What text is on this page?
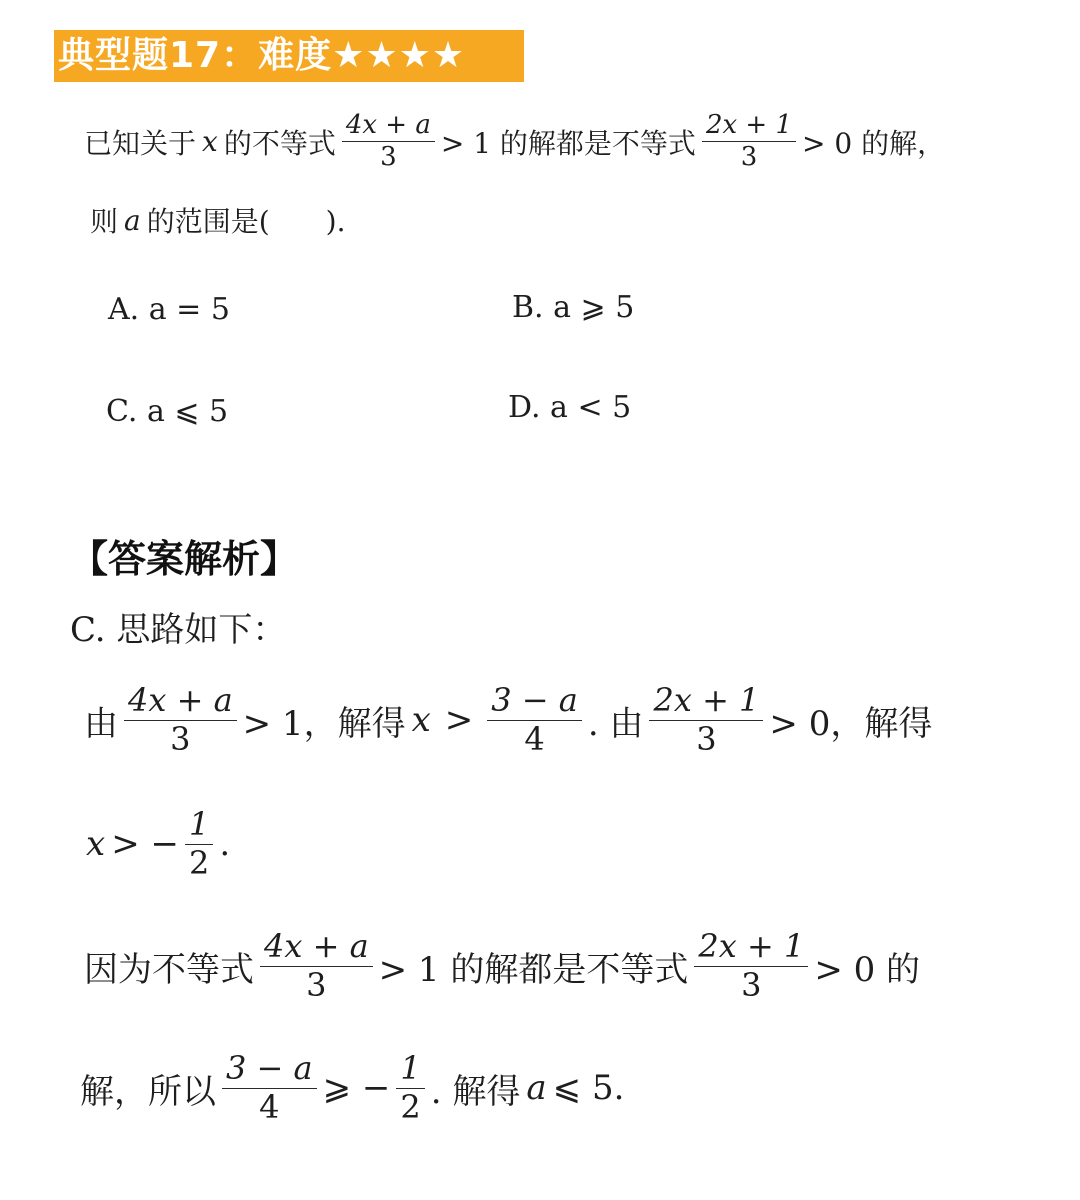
典型题17：难度★★★★
已知关于 x 的不等式 $\frac{4x + a}{3} > 1$ 的解都是不等式 $\frac{2x + 1}{3} > 0$ 的解，
则 a 的范围是(　　).
A. a = 5	B. a ⩾ 5
C. a ⩽ 5	D. a < 5
【答案解析】
C. 思路如下：
由 $\frac{4x + a}{3} > 1$，解得 $x > \frac{3 - a}{4}$ . 由 $\frac{2x + 1}{3} > 0$，解得
x > − $\frac{1}{2}$ .
因为不等式 $\frac{4x + a}{3} > 1$ 的解都是不等式 $\frac{2x + 1}{3} > 0$ 的
解，所以 $\frac{3 - a}{4}$ ⩾ − $\frac{1}{2}$ . 解得 a ⩽ 5.
